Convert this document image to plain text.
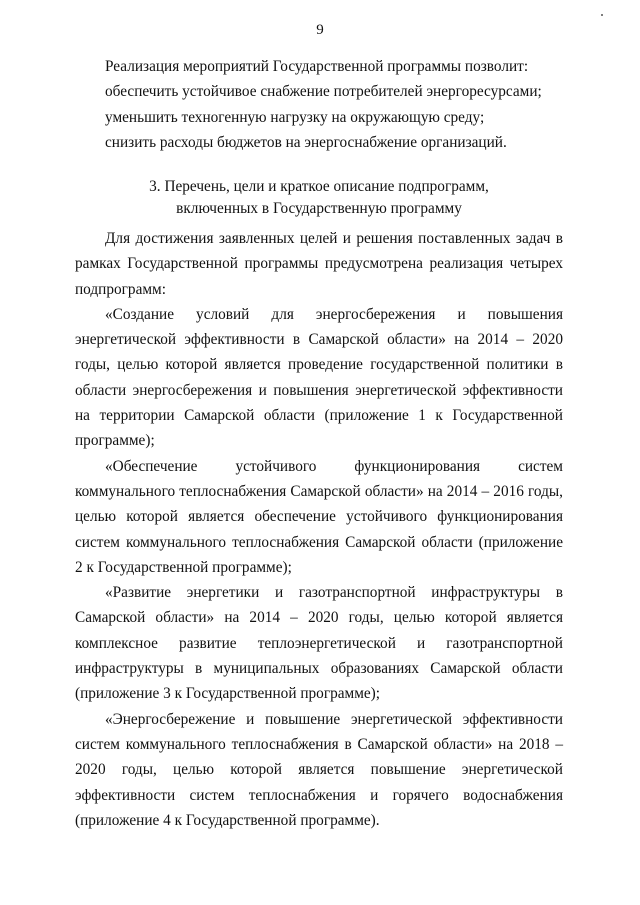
9

Реализация мероприятий Государственной программы позволит:

обеспечить устойчивое снабжение потребителей энергоресурсами;

уменьшить техногенную нагрузку на окружающую среду;

снизить расходы бюджетов на энергоснабжение организаций.

3. Перечень, цели и краткое описание подпрограмм,
включенных в Государственную программу

Для достижения заявленных целей и решения поставленных задач в рамках Государственной программы предусмотрена реализация четырех подпрограмм:

«Создание условий для энергосбережения и повышения энергетической эффективности в Самарской области» на 2014 – 2020 годы, целью которой является проведение государственной политики в области энергосбережения и повышения энергетической эффективности на территории Самарской области (приложение 1 к Государственной программе);

«Обеспечение устойчивого функционирования систем коммунального теплоснабжения Самарской области» на 2014 – 2016 годы, целью которой является обеспечение устойчивого функционирования систем коммунального теплоснабжения Самарской области (приложение 2 к Государственной программе);

«Развитие энергетики и газотранспортной инфраструктуры в Самарской области» на 2014 – 2020 годы, целью которой является комплексное развитие теплоэнергетической и газотранспортной инфраструктуры в муниципальных образованиях Самарской области (приложение 3 к Государственной программе);

«Энергосбережение и повышение энергетической эффективности систем коммунального теплоснабжения в Самарской области» на 2018 – 2020 годы, целью которой является повышение энергетической эффективности систем теплоснабжения и горячего водоснабжения (приложение 4 к Государственной программе).
